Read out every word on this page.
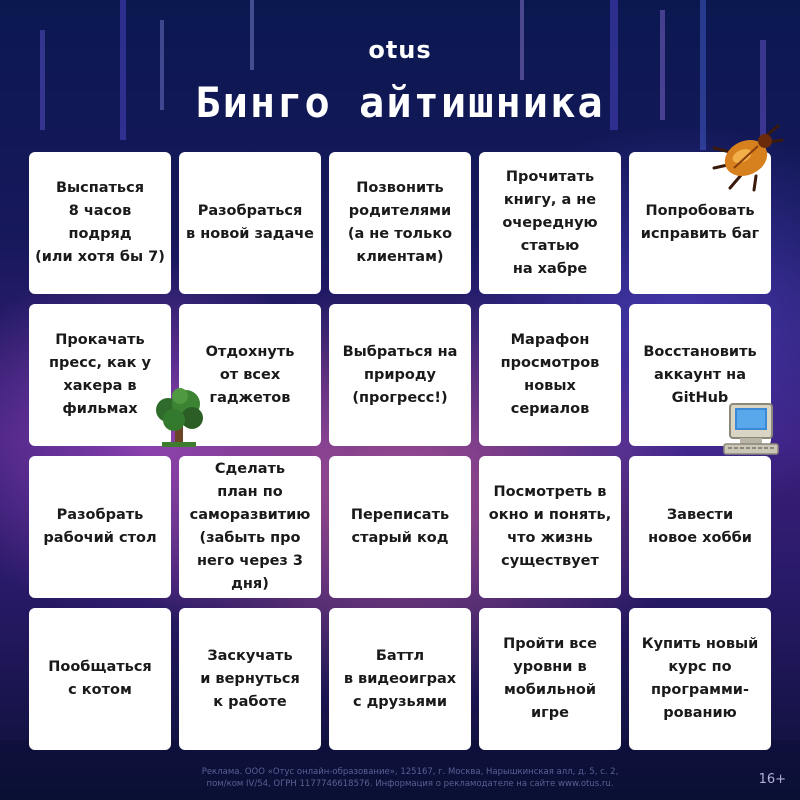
otus
Бинго айтишника
Выспаться
8 часов
подряд
(или хотя бы 7)
Разобраться
в новой задаче
Позвонить
родителями
(а не только
клиентам)
Прочитать
книгу, а не
очередную
статью
на хабре
Попробовать
исправить баг
Прокачать
пресс, как у
хакера в
фильмах
Отдохнуть
от всех
гаджетов
Выбраться на
природу
(прогресс!)
Марафон
просмотров
новых
сериалов
Восстановить
аккаунт на
GitHub
Разобрать
рабочий стол
Сделать
план по
саморазвитию
(забыть про
него через 3
дня)
Переписать
старый код
Посмотреть в
окно и понять,
что жизнь
существует
Завести
новое хобби
Пообщаться
с котом
Заскучать
и вернуться
к работе
Баттл
в видеоиграх
с друзьями
Пройти все
уровни в
мобильной
игре
Купить новый
курс по
программи-
рованию
Реклама. ООО «Отус онлайн-образование», 125167, г. Москва, Нарышкинская алл, д. 5, с. 2,
пом/ком IV/54, ОГРН 1177746618576. Информация о рекламодателе на сайте www.otus.ru.	16+
